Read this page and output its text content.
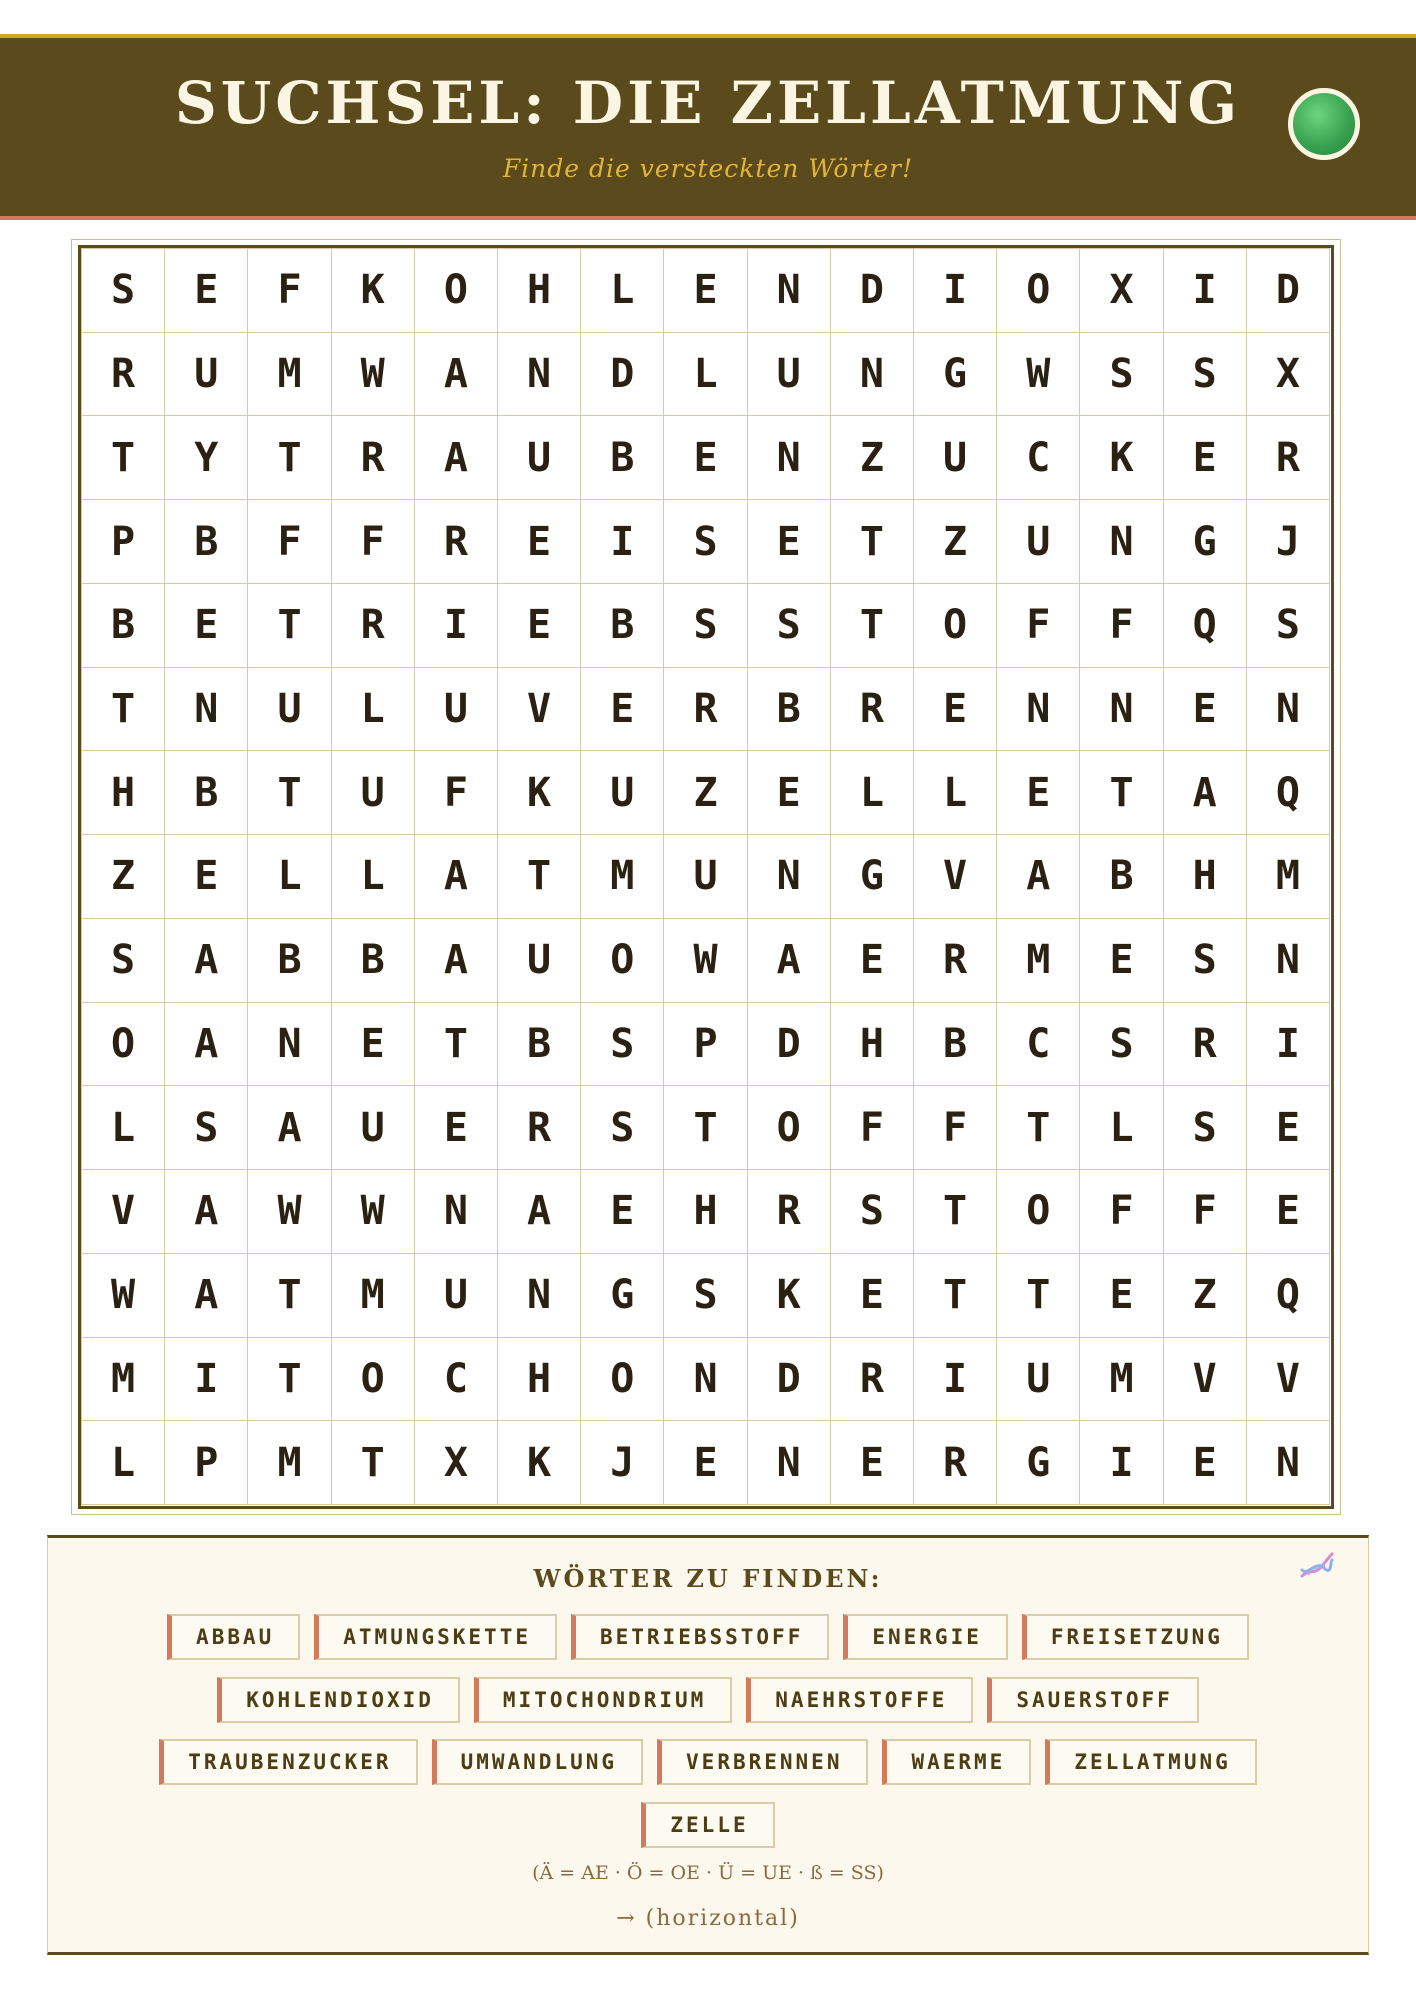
SUCHSEL: DIE ZELLATMUNG
Finde die versteckten Wörter!
S	E	F	K	O	H	L	E	N	D	I	O	X	I	D
R	U	M	W	A	N	D	L	U	N	G	W	S	S	X
T	Y	T	R	A	U	B	E	N	Z	U	C	K	E	R
P	B	F	F	R	E	I	S	E	T	Z	U	N	G	J
B	E	T	R	I	E	B	S	S	T	O	F	F	Q	S
T	N	U	L	U	V	E	R	B	R	E	N	N	E	N
H	B	T	U	F	K	U	Z	E	L	L	E	T	A	Q
Z	E	L	L	A	T	M	U	N	G	V	A	B	H	M
S	A	B	B	A	U	O	W	A	E	R	M	E	S	N
O	A	N	E	T	B	S	P	D	H	B	C	S	R	I
L	S	A	U	E	R	S	T	O	F	F	T	L	S	E
V	A	W	W	N	A	E	H	R	S	T	O	F	F	E
W	A	T	M	U	N	G	S	K	E	T	T	E	Z	Q
M	I	T	O	C	H	O	N	D	R	I	U	M	V	V
L	P	M	T	X	K	J	E	N	E	R	G	I	E	N
WÖRTER ZU FINDEN:
ABBAU	ATMUNGSKETTE	BETRIEBSSTOFF	ENERGIE	FREISETZUNG
KOHLENDIOXID	MITOCHONDRIUM	NAEHRSTOFFE	SAUERSTOFF
TRAUBENZUCKER	UMWANDLUNG	VERBRENNEN	WAERME	ZELLATMUNG
ZELLE
(Ä = AE · Ö = OE · Ü = UE · ß = SS)
→ (horizontal)
